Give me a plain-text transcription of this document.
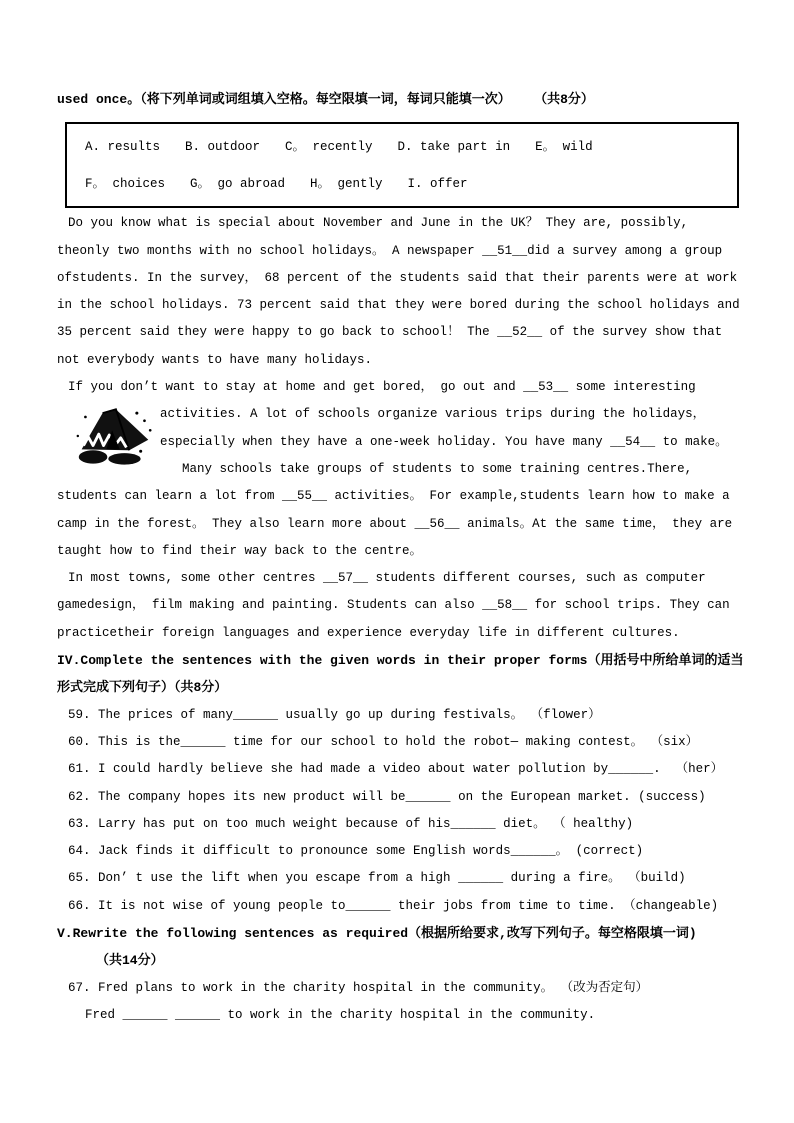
used once。（将下列单词或词组填入空格。每空限填一词，每词只能填一次）   （共8分）
A. results B. outdoor C。 recently D. take part in E。 wild
F。 choices G。 go abroad H。 gently I. offer
Do you know what is special about November and June in the UK？ They are, possibly,
theonly two months with no school holidays。 A newspaper __51__did a survey among a group
ofstudents. In the survey， 68 percent of the students said that their parents were at work
in the school holidays. 73 percent said that they were bored during the school holidays and
35 percent said they were happy to go back to school！ The __52__ of the survey show that
not everybody wants to have many holidays.
If you don’t want to stay at home and get bored， go out and __53__ some interesting
activities. A lot of schools organize various trips during the holidays，
especially when they have a one-week holiday. You have many __54__ to make。
Many schools take groups of students to some training centres.There,
students can learn a lot from __55__ activities。 For example,students learn how to make a
camp in the forest。 They also learn more about __56__ animals。At the same time， they are
taught how to find their way back to the centre。
In most towns, some other centres __57__ students different courses, such as computer
gamedesign， film making and painting. Students can also __58__ for school trips. They can
practicetheir foreign languages and experience everyday life in different cultures.
IV.Complete the sentences with the given words in their proper forms（用括号中所给单词的适当
形式完成下列句子）（共8分）
59. The prices of many______ usually go up during festivals。 （flower）
60. This is the______ time for our school to hold the robot— making contest。 （six）
61. I could hardly believe she had made a video about water pollution by______.  （her）
62. The company hopes its new product will be______ on the European market. (success)
63. Larry has put on too much weight because of his______ diet。 （ healthy)
64. Jack finds it difficult to pronounce some English words______。 (correct)
65. Don’ t use the lift when you escape from a high ______ during a fire。 （build)
66. It is not wise of young people to______ their jobs from time to time. （changeable)
V.Rewrite the following sentences as required（根据所给要求,改写下列句子。每空格限填一词)
（共14分）
67. Fred plans to work in the charity hospital in the community。 （改为否定句）
Fred ______ ______ to work in the charity hospital in the community.
